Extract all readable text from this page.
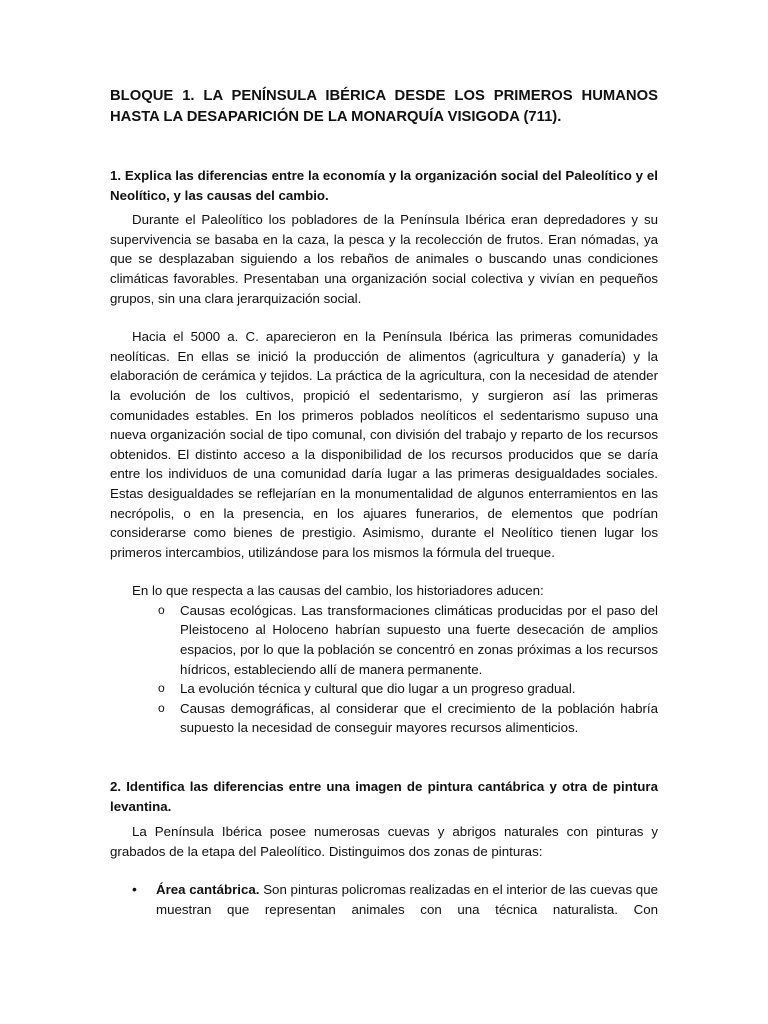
BLOQUE 1. LA PENÍNSULA IBÉRICA DESDE LOS PRIMEROS HUMANOS HASTA LA DESAPARICIÓN DE LA MONARQUÍA VISIGODA (711).

1. Explica las diferencias entre la economía y la organización social del Paleolítico y el Neolítico, y las causas del cambio.

Durante el Paleolítico los pobladores de la Península Ibérica eran depredadores y su supervivencia se basaba en la caza, la pesca y la recolección de frutos. Eran nómadas, ya que se desplazaban siguiendo a los rebaños de animales o buscando unas condiciones climáticas favorables. Presentaban una organización social colectiva y vivían en pequeños grupos, sin una clara jerarquización social.

Hacia el 5000 a. C. aparecieron en la Península Ibérica las primeras comunidades neolíticas. En ellas se inició la producción de alimentos (agricultura y ganadería) y la elaboración de cerámica y tejidos. La práctica de la agricultura, con la necesidad de atender la evolución de los cultivos, propició el sedentarismo, y surgieron así las primeras comunidades estables. En los primeros poblados neolíticos el sedentarismo supuso una nueva organización social de tipo comunal, con división del trabajo y reparto de los recursos obtenidos. El distinto acceso a la disponibilidad de los recursos producidos que se daría entre los individuos de una comunidad daría lugar a las primeras desigualdades sociales. Estas desigualdades se reflejarían en la monumentalidad de algunos enterramientos en las necrópolis, o en la presencia, en los ajuares funerarios, de elementos que podrían considerarse como bienes de prestigio. Asimismo, durante el Neolítico tienen lugar los primeros intercambios, utilizándose para los mismos la fórmula del trueque.

En lo que respecta a las causas del cambio, los historiadores aducen:

o Causas ecológicas. Las transformaciones climáticas producidas por el paso del Pleistoceno al Holoceno habrían supuesto una fuerte desecación de amplios espacios, por lo que la población se concentró en zonas próximas a los recursos hídricos, estableciendo allí de manera permanente.
o La evolución técnica y cultural que dio lugar a un progreso gradual.
o Causas demográficas, al considerar que el crecimiento de la población habría supuesto la necesidad de conseguir mayores recursos alimenticios.

2. Identifica las diferencias entre una imagen de pintura cantábrica y otra de pintura levantina.

La Península Ibérica posee numerosas cuevas y abrigos naturales con pinturas y grabados de la etapa del Paleolítico. Distinguimos dos zonas de pinturas:

• Área cantábrica. Son pinturas policromas realizadas en el interior de las cuevas que muestran que representan animales con una técnica naturalista. Con
